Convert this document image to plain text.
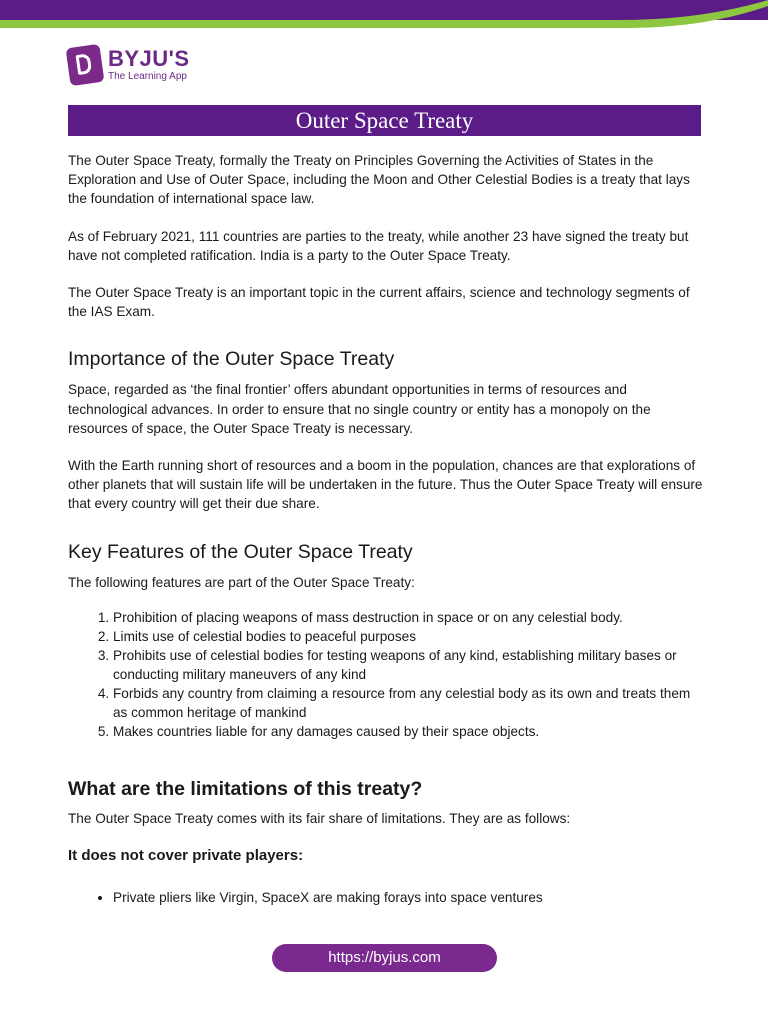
BYJU'S
The Learning App
Outer Space Treaty

The Outer Space Treaty, formally the Treaty on Principles Governing the Activities of States in the Exploration and Use of Outer Space, including the Moon and Other Celestial Bodies is a treaty that lays the foundation of international space law.

As of February 2021, 111 countries are parties to the treaty, while another 23 have signed the treaty but have not completed ratification. India is a party to the Outer Space Treaty.

The Outer Space Treaty is an important topic in the current affairs, science and technology segments of the IAS Exam.

Importance of the Outer Space Treaty

Space, regarded as ‘the final frontier’ offers abundant opportunities in terms of resources and technological advances. In order to ensure that no single country or entity has a monopoly on the resources of space, the Outer Space Treaty is necessary.

With the Earth running short of resources and a boom in the population, chances are that explorations of other planets that will sustain life will be undertaken in the future. Thus the Outer Space Treaty will ensure that every country will get their due share.

Key Features of the Outer Space Treaty

The following features are part of the Outer Space Treaty:

1. Prohibition of placing weapons of mass destruction in space or on any celestial body.
2. Limits use of celestial bodies to peaceful purposes
3. Prohibits use of celestial bodies for testing weapons of any kind, establishing military bases or conducting military maneuvers of any kind
4. Forbids any country from claiming a resource from any celestial body as its own and treats them as common heritage of mankind
5. Makes countries liable for any damages caused by their space objects.
What are the limitations of this treaty?

The Outer Space Treaty comes with its fair share of limitations. They are as follows:

It does not cover private players:
• Private pliers like Virgin, SpaceX are making forays into space ventures
https://byjus.com
